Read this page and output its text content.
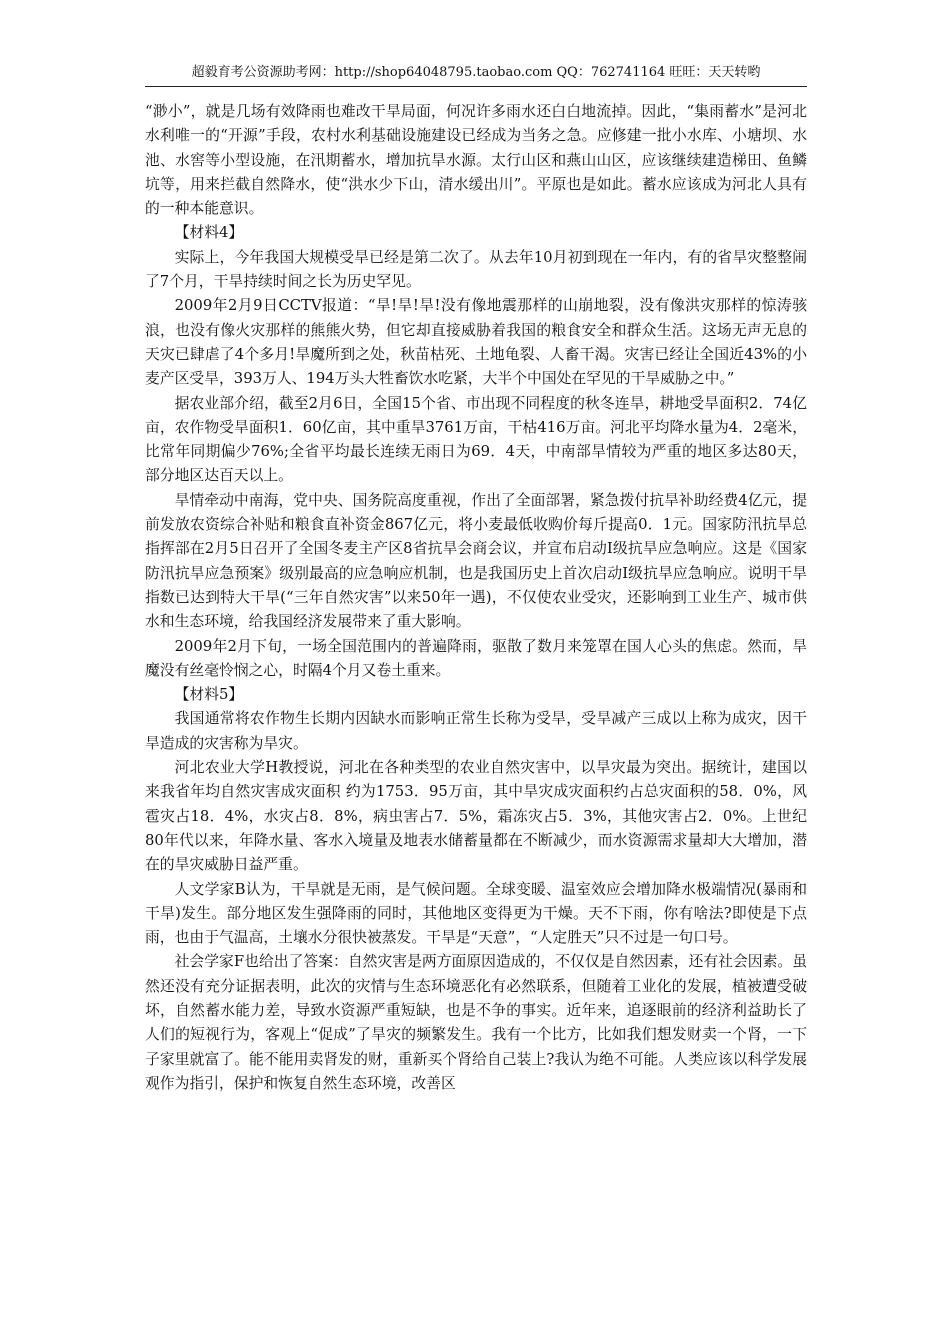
超毅育考公资源助考网：http://shop64048795.taobao.com QQ：762741164 旺旺：天天转哟

“渺小”，就是几场有效降雨也难改干旱局面，何况许多雨水还白白地流掉。因此，“集雨蓄水”是河北水利唯一的“开源”手段，农村水利基础设施建设已经成为当务之急。应修建一批小水库、小塘坝、水池、水窖等小型设施，在汛期蓄水，增加抗旱水源。太行山区和燕山山区，应该继续建造梯田、鱼鳞坑等，用来拦截自然降水，使“洪水少下山，清水缓出川”。平原也是如此。蓄水应该成为河北人具有的一种本能意识。

【材料4】

实际上，今年我国大规模受旱已经是第二次了。从去年10月初到现在一年内，有的省旱灾整整闹了7个月，干旱持续时间之长为历史罕见。

2009年2月9日CCTV报道：“旱!旱!旱!没有像地震那样的山崩地裂，没有像洪灾那样的惊涛骇浪，也没有像火灾那样的熊熊火势，但它却直接威胁着我国的粮食安全和群众生活。这场无声无息的天灾已肆虐了4个多月!旱魔所到之处，秋苗枯死、土地龟裂、人畜干渴。灾害已经让全国近43%的小麦产区受旱，393万人、194万头大牲畜饮水吃紧，大半个中国处在罕见的干旱威胁之中。”

据农业部介绍，截至2月6日，全国15个省、市出现不同程度的秋冬连旱，耕地受旱面积2．74亿亩，农作物受旱面积1．60亿亩，其中重旱3761万亩，干枯416万亩。河北平均降水量为4．2毫米，比常年同期偏少76%;全省平均最长连续无雨日为69．4天，中南部旱情较为严重的地区多达80天，部分地区达百天以上。

旱情牵动中南海，党中央、国务院高度重视，作出了全面部署，紧急拨付抗旱补助经费4亿元，提前发放农资综合补贴和粮食直补资金867亿元，将小麦最低收购价每斤提高0．1元。国家防汛抗旱总指挥部在2月5日召开了全国冬麦主产区8省抗旱会商会议，并宣布启动Ⅰ级抗旱应急响应。这是《国家防汛抗旱应急预案》级别最高的应急响应机制，也是我国历史上首次启动Ⅰ级抗旱应急响应。说明干旱指数已达到特大干旱(“三年自然灾害”以来50年一遇)，不仅使农业受灾，还影响到工业生产、城市供水和生态环境，给我国经济发展带来了重大影响。

2009年2月下旬，一场全国范围内的普遍降雨，驱散了数月来笼罩在国人心头的焦虑。然而，旱魔没有丝毫怜悯之心，时隔4个月又卷土重来。

【材料5】

我国通常将农作物生长期内因缺水而影响正常生长称为受旱，受旱减产三成以上称为成灾，因干旱造成的灾害称为旱灾。

河北农业大学H教授说，河北在各种类型的农业自然灾害中，以旱灾最为突出。据统计，建国以来我省年均自然灾害成灾面积 约为1753．95万亩，其中旱灾成灾面积约占总灾面积的58．0%，风雹灾占18．4%，水灾占8．8%，病虫害占7．5%，霜冻灾占5．3%，其他灾害占2．0%。上世纪80年代以来，年降水量、客水入境量及地表水储蓄量都在不断减少，而水资源需求量却大大增加，潜在的旱灾威胁日益严重。

人文学家B认为，干旱就是无雨，是气候问题。全球变暖、温室效应会增加降水极端情况(暴雨和干旱)发生。部分地区发生强降雨的同时，其他地区变得更为干燥。天不下雨，你有啥法?即使是下点雨，也由于气温高，土壤水分很快被蒸发。干旱是“天意”，“人定胜天”只不过是一句口号。

社会学家F也给出了答案：自然灾害是两方面原因造成的，不仅仅是自然因素，还有社会因素。虽然还没有充分证据表明，此次的灾情与生态环境恶化有必然联系，但随着工业化的发展，植被遭受破坏，自然蓄水能力差，导致水资源严重短缺，也是不争的事实。近年来，追逐眼前的经济利益助长了人们的短视行为，客观上“促成”了旱灾的频繁发生。我有一个比方，比如我们想发财卖一个肾，一下子家里就富了。能不能用卖肾发的财，重新买个肾给自己装上?我认为绝不可能。人类应该以科学发展观作为指引，保护和恢复自然生态环境，改善区
